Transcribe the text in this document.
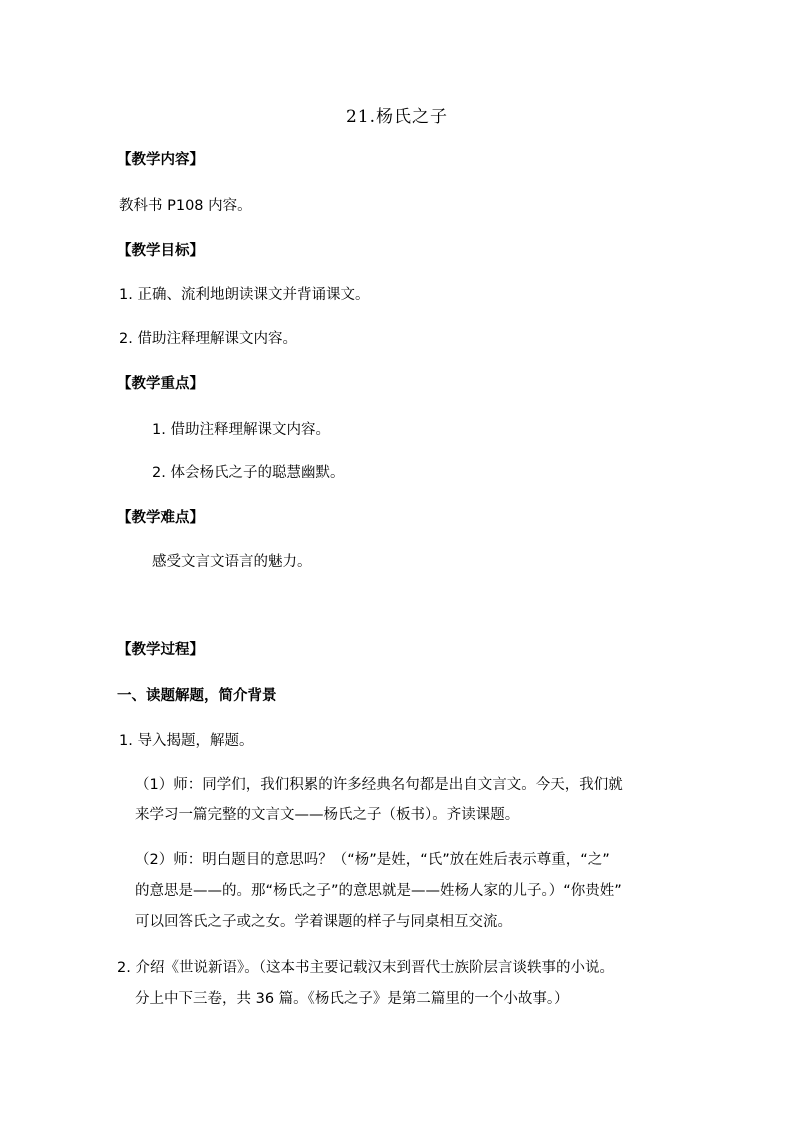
21.杨氏之子
【教学内容】
教科书 P108 内容。
【教学目标】
1. 正确、流利地朗读课文并背诵课文。
2. 借助注释理解课文内容。
【教学重点】
1. 借助注释理解课文内容。
2. 体会杨氏之子的聪慧幽默。
【教学难点】
感受文言文语言的魅力。
【教学过程】
一、读题解题，简介背景
1. 导入揭题，解题。
（1）师：同学们，我们积累的许多经典名句都是出自文言文。今天，我们就
来学习一篇完整的文言文——杨氏之子（板书）。齐读课题。
（2）师：明白题目的意思吗？（“杨”是姓，“氏”放在姓后表示尊重，“之”
的意思是——的。那“杨氏之子”的意思就是——姓杨人家的儿子。）“你贵姓”
可以回答氏之子或之女。学着课题的样子与同桌相互交流。
2. 介绍《世说新语》。（这本书主要记载汉末到晋代士族阶层言谈轶事的小说。
分上中下三卷，共 36 篇。《杨氏之子》是第二篇里的一个小故事。）
